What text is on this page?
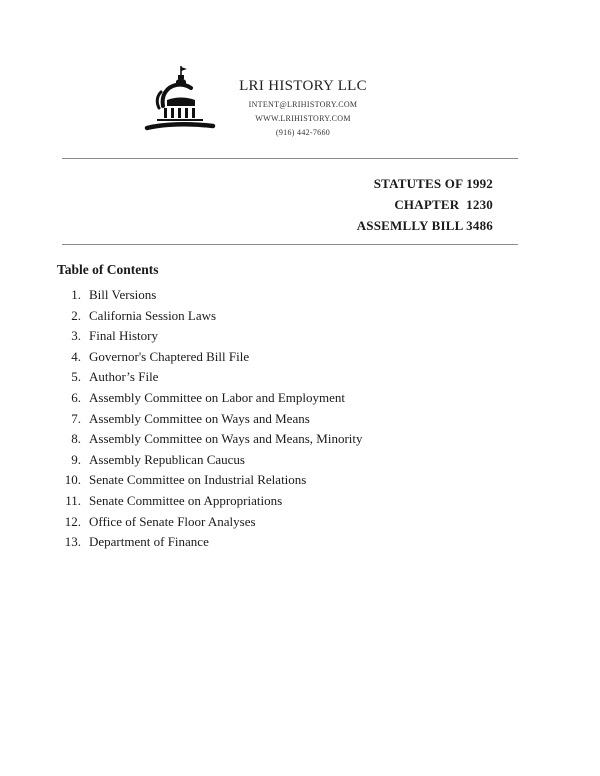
LRI HISTORY LLC
INTENT@LRIHISTORY.COM
WWW.LRIHISTORY.COM
(916) 442-7660
STATUTES OF 1992
CHAPTER  1230
ASSEMLLY BILL 3486
Table of Contents
1. Bill Versions
2. California Session Laws
3. Final History
4. Governor's Chaptered Bill File
5. Author’s File
6. Assembly Committee on Labor and Employment
7. Assembly Committee on Ways and Means
8. Assembly Committee on Ways and Means, Minority
9. Assembly Republican Caucus
10. Senate Committee on Industrial Relations
11. Senate Committee on Appropriations
12. Office of Senate Floor Analyses
13. Department of Finance
